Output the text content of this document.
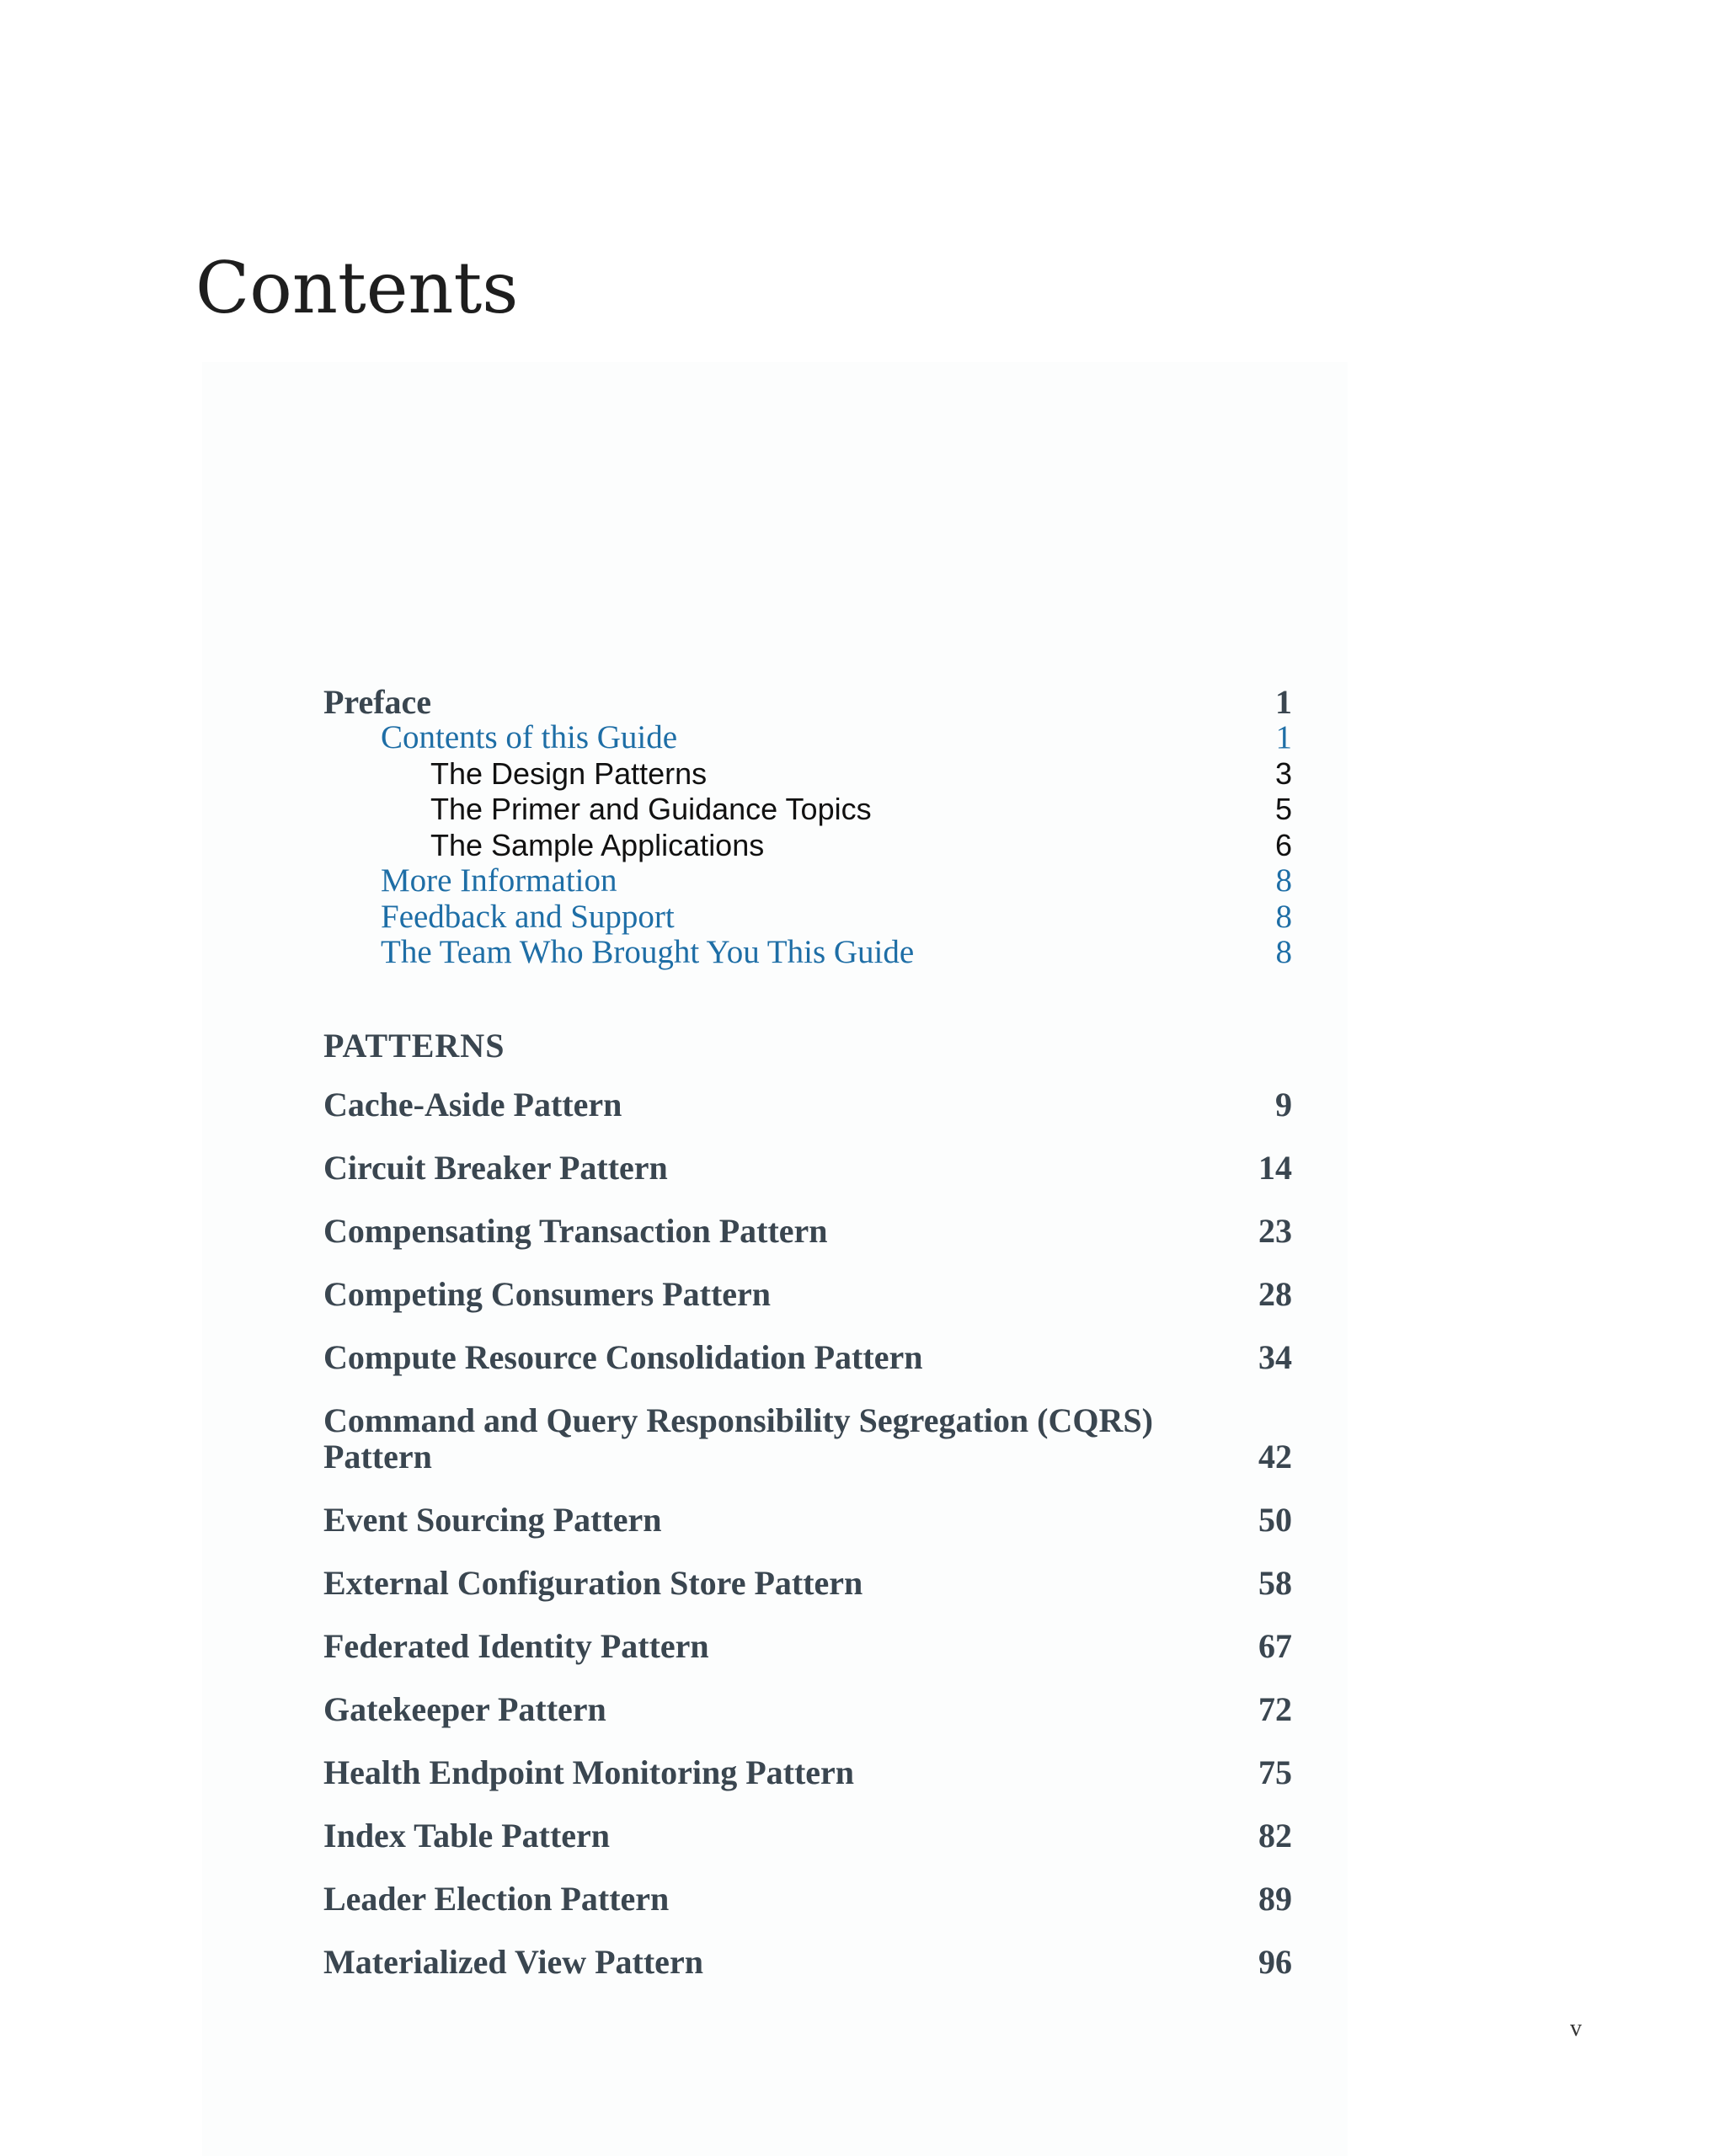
Contents
Preface	1
Contents of this Guide	1
The Design Patterns	3
The Primer and Guidance Topics	5
The Sample Applications	6
More Information	8
Feedback and Support	8
The Team Who Brought You This Guide	8
PATTERNS
Cache-Aside Pattern	9
Circuit Breaker Pattern	14
Compensating Transaction Pattern	23
Competing Consumers Pattern	28
Compute Resource Consolidation Pattern	34
Command and Query Responsibility Segregation (CQRS) Pattern	42
Event Sourcing Pattern	50
External Configuration Store Pattern	58
Federated Identity Pattern	67
Gatekeeper Pattern	72
Health Endpoint Monitoring Pattern	75
Index Table Pattern	82
Leader Election Pattern	89
Materialized View Pattern	96
v
